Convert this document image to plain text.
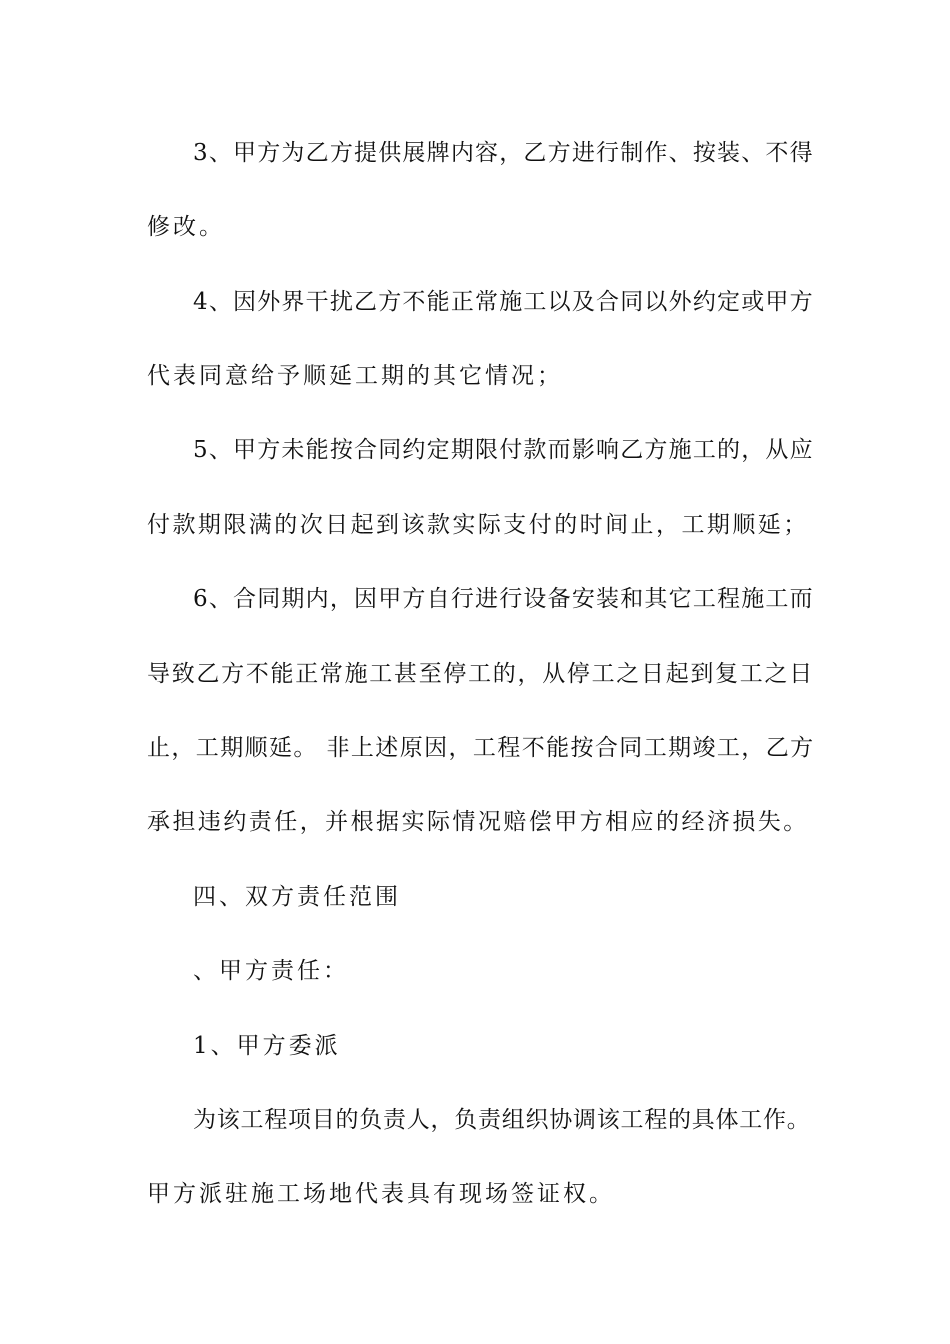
3、甲方为乙方提供展牌内容，乙方进行制作、按装、不得
修改。
4、因外界干扰乙方不能正常施工以及合同以外约定或甲方
代表同意给予顺延工期的其它情况；
5、甲方未能按合同约定期限付款而影响乙方施工的，从应
付款期限满的次日起到该款实际支付的时间止，工期顺延；
6、合同期内，因甲方自行进行设备安装和其它工程施工而
导致乙方不能正常施工甚至停工的，从停工之日起到复工之日
止，工期顺延。 非上述原因，工程不能按合同工期竣工，乙方
承担违约责任，并根据实际情况赔偿甲方相应的经济损失。
四、双方责任范围
、甲方责任：
1、甲方委派
为该工程项目的负责人，负责组织协调该工程的具体工作。
甲方派驻施工场地代表具有现场签证权。
